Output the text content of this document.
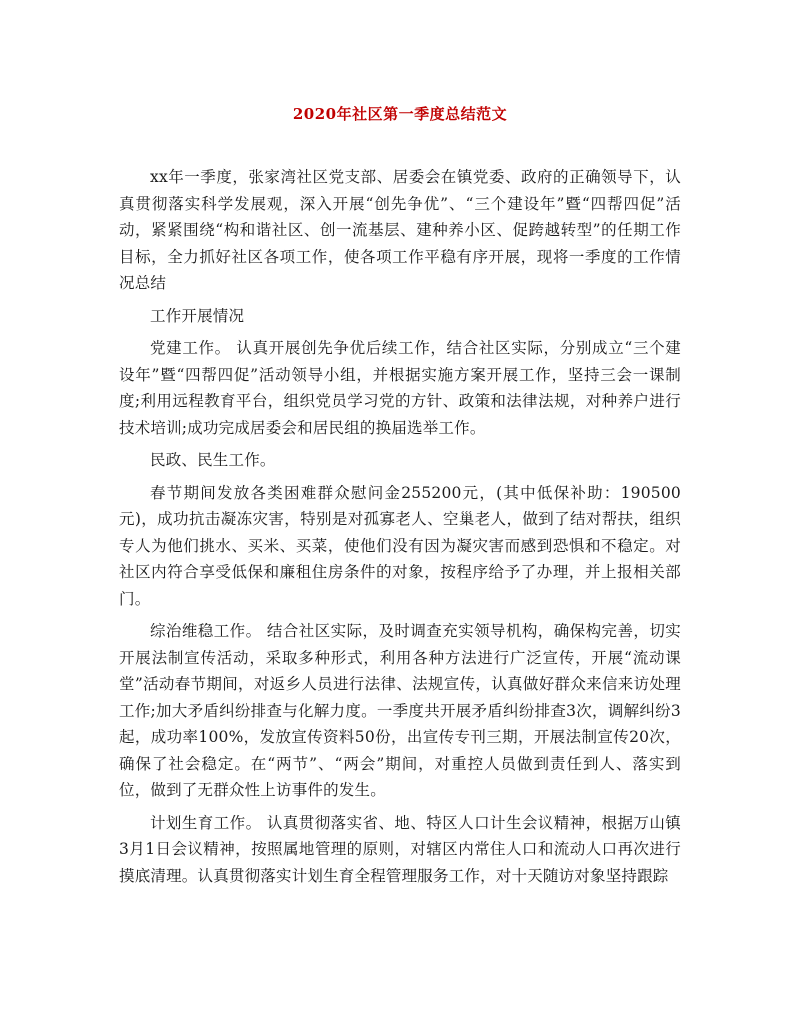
2020年社区第一季度总结范文

xx年一季度，张家湾社区党支部、居委会在镇党委、政府的正确领导下，认真贯彻落实科学发展观，深入开展“创先争优”、“三个建设年”暨“四帮四促”活动，紧紧围绕“构和谐社区、创一流基层、建种养小区、促跨越转型”的任期工作目标，全力抓好社区各项工作，使各项工作平稳有序开展，现将一季度的工作情况总结

工作开展情况

党建工作。 认真开展创先争优后续工作，结合社区实际，分别成立“三个建设年”暨“四帮四促”活动领导小组，并根据实施方案开展工作，坚持三会一课制度;利用远程教育平台，组织党员学习党的方针、政策和法律法规，对种养户进行技术培训;成功完成居委会和居民组的换届选举工作。

民政、民生工作。

春节期间发放各类困难群众慰问金255200元，(其中低保补助：190500元)，成功抗击凝冻灾害，特别是对孤寡老人、空巢老人，做到了结对帮扶，组织专人为他们挑水、买米、买菜，使他们没有因为凝灾害而感到恐惧和不稳定。对社区内符合享受低保和廉租住房条件的对象，按程序给予了办理，并上报相关部门。

综治维稳工作。 结合社区实际，及时调查充实领导机构，确保构完善，切实开展法制宣传活动，采取多种形式，利用各种方法进行广泛宣传，开展“流动课堂”活动春节期间，对返乡人员进行法律、法规宣传，认真做好群众来信来访处理工作;加大矛盾纠纷排查与化解力度。一季度共开展矛盾纠纷排查3次，调解纠纷3起，成功率100%，发放宣传资料50份，出宣传专刊三期，开展法制宣传20次，确保了社会稳定。在“两节”、“两会”期间，对重控人员做到责任到人、落实到位，做到了无群众性上访事件的发生。

计划生育工作。 认真贯彻落实省、地、特区人口计生会议精神，根据万山镇3月1日会议精神，按照属地管理的原则，对辖区内常住人口和流动人口再次进行摸底清理。认真贯彻落实计划生育全程管理服务工作，对十天随访对象坚持跟踪
